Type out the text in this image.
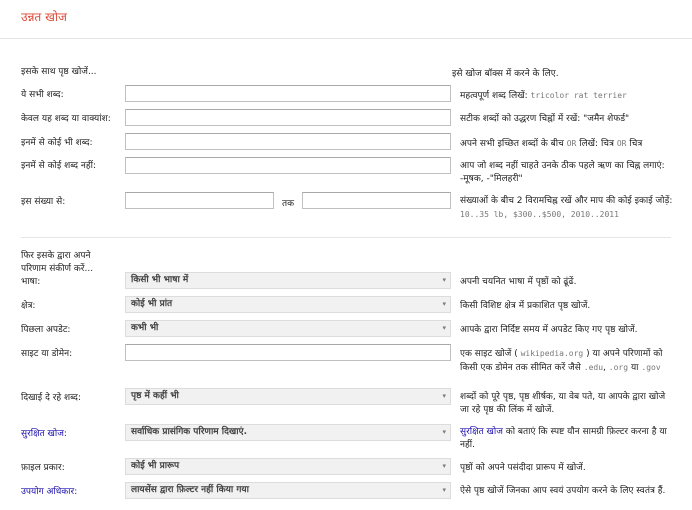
उन्नत खोज
इसके साथ पृष्ठ खोजें...	इसे खोज बॉक्स में करने के लिए.
ये सभी शब्द:	महत्वपूर्ण शब्द लिखें: tricolor rat terrier
केवल यह शब्द या वाक्यांश:	सटीक शब्दों को उद्धरण चिह्नों में रखें: "जमैन शेफर्ड"
इनमें से कोई भी शब्द:	अपने सभी इच्छित शब्दों के बीच OR लिखें: चित्र OR चित्र
इनमें से कोई शब्द नहीं:	आप जो शब्द नहीं चाहते उनके ठीक पहले ऋण का चिह्न लगाएं: -मूषक, -"मिलहरी"
इस संख्या से:	तक	संख्याओं के बीच 2 विरामचिह्न रखें और माप की कोई इकाई जोड़ें: 10..35 lb, $300..$500, 2010..2011
फिर इसके द्वारा अपने
परिणाम संकीर्ण करें...
भाषा:	किसी भी भाषा में	▾ अपनी चयनित भाषा में पृष्ठों को ढूंढें.
क्षेत्र:	कोई भी प्रांत	▾ किसी विशिष्ट क्षेत्र में प्रकाशित पृष्ठ खोजें.
पिछला अपडेट:	कभी भी	▾ आपके द्वारा निर्दिष्ट समय में अपडेट किए गए पृष्ठ खोजें.
साइट या डोमेन:	एक साइट खोजें ( wikipedia.org ) या अपने परिणामों को किसी एक डोमेन तक सीमित करें जैसे .edu, .org या .gov
दिखाई दे रहे शब्द:	पृष्ठ में कहीं भी	▾ शब्दों को पूरे पृष्ठ, पृष्ठ शीर्षक, या वेब पते, या आपके द्वारा खोजे जा रहे पृष्ठ की लिंक में खोजें.
सुरक्षित खोज:	सर्वाधिक प्रासंगिक परिणाम दिखाएं.	▾ सुरक्षित खोज को बताएं कि स्पष्ट यौन सामग्री फ़िल्टर करना है या नहीं.
फ़ाइल प्रकार:	कोई भी प्रारूप	▾ पृष्ठों को अपने पसंदीदा प्रारूप में खोजें.
उपयोग अधिकार:	लायसेंस द्वारा फ़िल्टर नहीं किया गया	▾ ऐसे पृष्ठ खोजें जिनका आप स्वयं उपयोग करने के लिए स्वतंत्र हैं.
